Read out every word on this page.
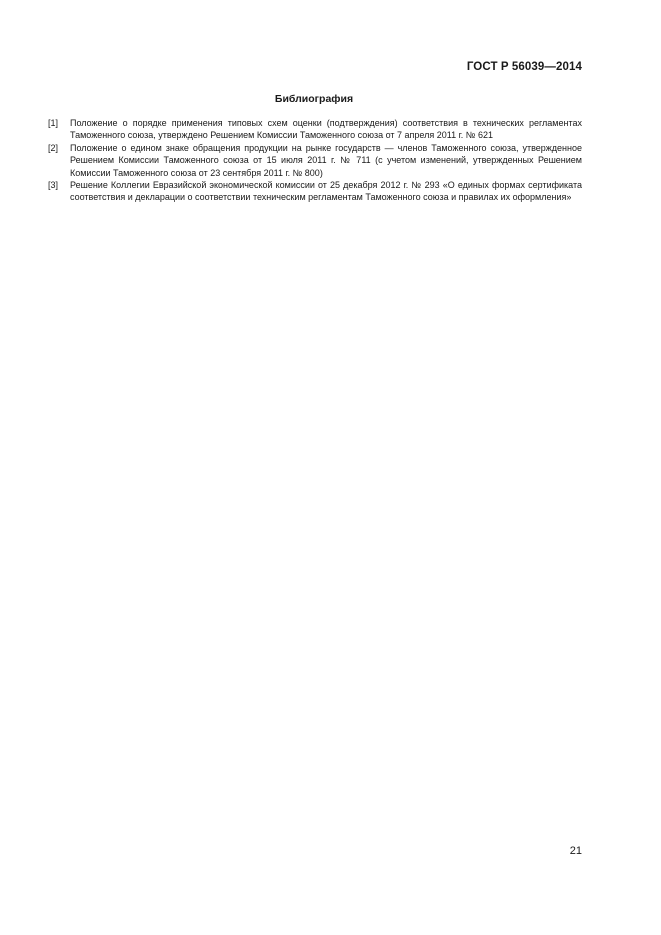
ГОСТ Р 56039—2014
Библиография
[1]	Положение о порядке применения типовых схем оценки (подтверждения) соответствия в технических регламентах Таможенного союза, утверждено Решением Комиссии Таможенного союза от 7 апреля 2011 г. № 621
[2]	Положение о едином знаке обращения продукции на рынке государств — членов Таможенного союза, утвержденное Решением Комиссии Таможенного союза от 15 июля 2011 г. № 711 (с учетом изменений, утвержденных Решением Комиссии Таможенного союза от 23 сентября 2011 г. № 800)
[3]	Решение Коллегии Евразийской экономической комиссии от 25 декабря 2012 г. № 293 «О единых формах сертификата соответствия и декларации о соответствии техническим регламентам Таможенного союза и правилах их оформления»
21
